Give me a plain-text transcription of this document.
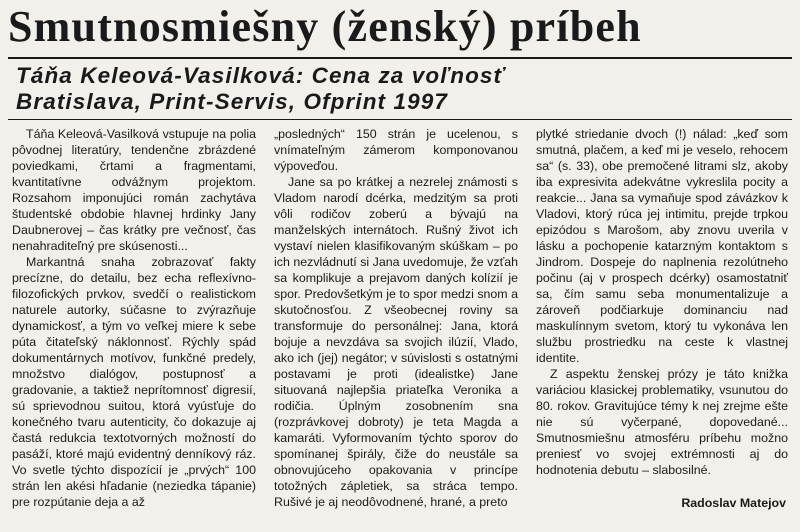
Smutnosmiešny (ženský) príbeh
Táňa Keleová-Vasilková: Cena za voľnosť
Bratislava, Print-Servis, Ofprint 1997

Táňa Keleová-Vasilková vstupuje na polia pôvodnej literatúry, tendenčne zbrázdené poviedkami, črtami a fragmentami, kvantitatívne odvážnym projektom. Rozsahom imponujúci román zachytáva študentské obdobie hlavnej hrdinky Jany Daubnerovej – čas krátky pre večnosť, čas nenahraditeľný pre skúsenosti...

Markantná snaha zobrazovať fakty precízne, do detailu, bez echa reflexívno-filozofických prvkov, svedčí o realistickom naturele autorky, súčasne to zvýrazňuje dynamickosť, a tým vo veľkej miere k sebe púta čitateľský náklonnosť. Rýchly spád dokumentárnych motívov, funkčné predely, množstvo dialógov, postupnosť a gradovanie, a taktiež neprítomnosť digresií, sú sprievodnou suitou, ktorá vyúsťuje do konečného tvaru autenticity, čo dokazuje aj častá redukcia textotvorných možností do pasáží, ktoré majú evidentný denníkový ráz. Vo svetle týchto dispozícií je „prvých“ 100 strán len akési hľadanie (neziedka tápanie) pre rozpútanie deja a až

„posledných“ 150 strán je ucelenou, s vnímateľným zámerom komponovanou výpoveďou.

Jane sa po krátkej a nezrelej známosti s Vladom narodí dcérka, medzitým sa proti vôli rodičov zoberú a bývajú na manželských internátoch. Rušný život ich vystaví nielen klasifikovaným skúškam – po ich nezvládnutí si Jana uvedomuje, že vzťah sa komplikuje a prejavom daných kolízií je spor. Predovšetkým je to spor medzi snom a skutočnosťou. Z všeobecnej roviny sa transformuje do personálnej: Jana, ktorá bojuje a nevzdáva sa svojich ilúzií, Vlado, ako ich (jej) negátor; v súvislosti s ostatnými postavami je proti (idealistke) Jane situovaná najlepšia priateľka Veronika a rodičia. Úplným zosobnením sna (rozprávkovej dobroty) je teta Magda a kamaráti. Vyformovaním týchto sporov do spomínanej špirály, čiže do neustále sa obnovujúceho opakovania v princípe totožných zápletiek, sa stráca tempo. Rušivé je aj neodôvodnené, hrané, a preto

plytké striedanie dvoch (!) nálad: „keď som smutná, plačem, a keď mi je veselo, rehocem sa“ (s. 33), obe premočené litrami slz, akoby iba expresivita adekvátne vykreslila pocity a reakcie... Jana sa vymaňuje spod závázkov k Vladovi, ktorý rúca jej intimitu, prejde trpkou epizódou s Marošom, aby znovu uverila v lásku a pochopenie katarzným kontaktom s Jindrom. Dospeje do naplnenia rezolútneho počinu (aj v prospech dcérky) osamostatniť sa, čím samu seba monumentalizuje a zároveň podčiarkuje dominanciu nad maskulínnym svetom, ktorý tu vykonáva len službu prostriedku na ceste k vlastnej identite.

Z aspektu ženskej prózy je táto knižka variáciou klasickej problematiky, vsunutou do 80. rokov. Gravitujúce témy k nej zrejme ešte nie sú vyčerpané, dopovedané... Smutnosmiešnu atmosféru príbehu možno preniesť vo svojej extrémnosti aj do hodnotenia debutu – slabosilné.

Radoslav Matejov
